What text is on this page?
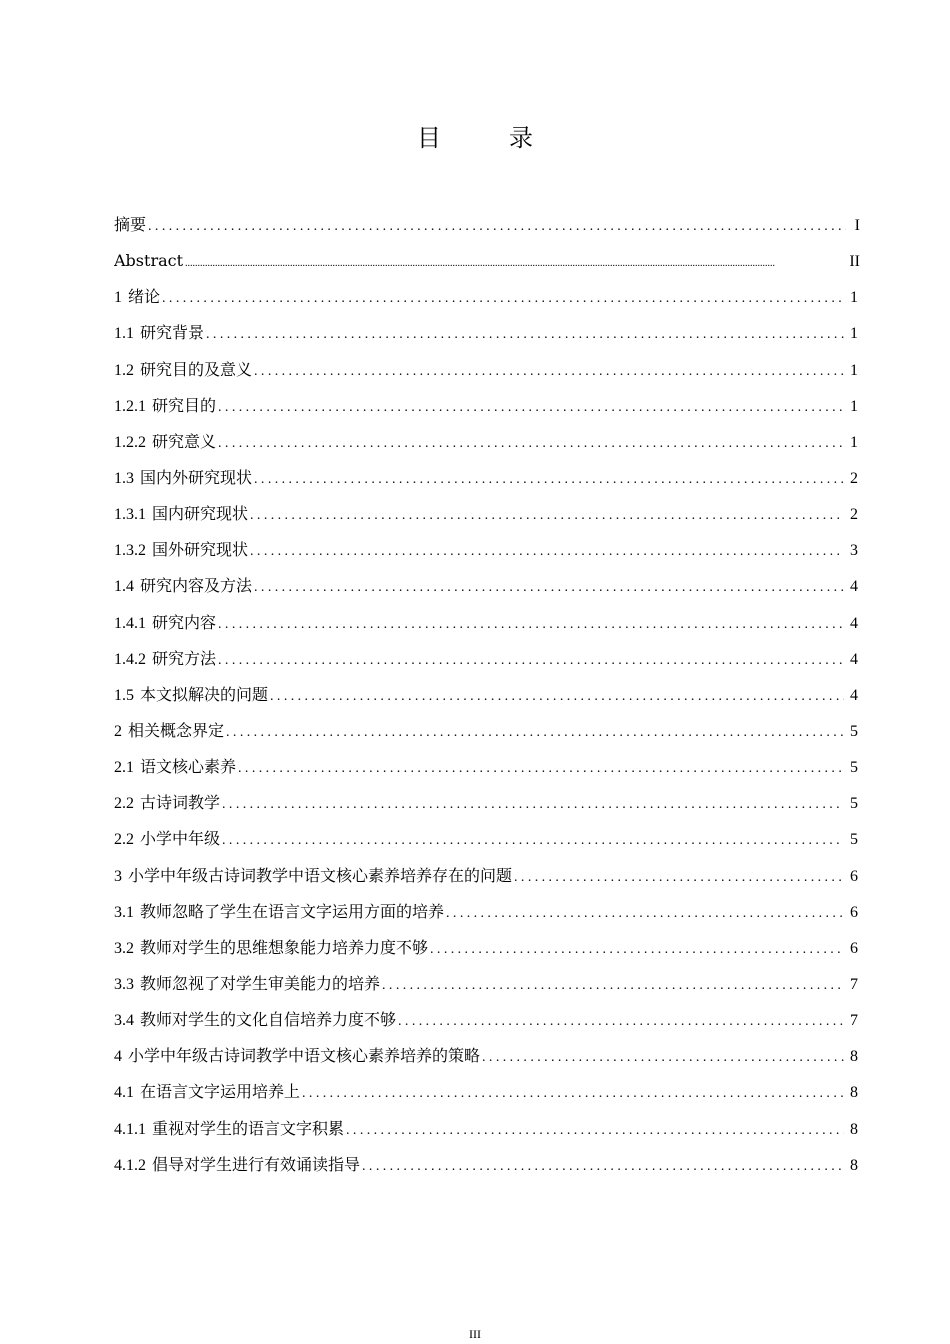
目　录
摘要 .....	I
Abstract .....	II
1 绪论 .....	1
1.1 研究背景 .....	1
1.2 研究目的及意义 .....	1
1.2.1 研究目的 .....	1
1.2.2 研究意义 .....	1
1.3 国内外研究现状 .....	2
1.3.1 国内研究现状 .....	2
1.3.2 国外研究现状 .....	3
1.4 研究内容及方法 .....	4
1.4.1 研究内容 .....	4
1.4.2 研究方法 .....	4
1.5 本文拟解决的问题 .....	4
2 相关概念界定 .....	5
2.1 语文核心素养 .....	5
2.2 古诗词教学 .....	5
2.2 小学中年级 .....	5
3 小学中年级古诗词教学中语文核心素养培养存在的问题 .....	6
3.1 教师忽略了学生在语言文字运用方面的培养 .....	6
3.2 教师对学生的思维想象能力培养力度不够 .....	6
3.3 教师忽视了对学生审美能力的培养 .....	7
3.4 教师对学生的文化自信培养力度不够 .....	7
4 小学中年级古诗词教学中语文核心素养培养的策略 .....	8
4.1 在语言文字运用培养上 .....	8
4.1.1 重视对学生的语言文字积累 .....	8
4.1.2 倡导对学生进行有效诵读指导 .....	8
III
